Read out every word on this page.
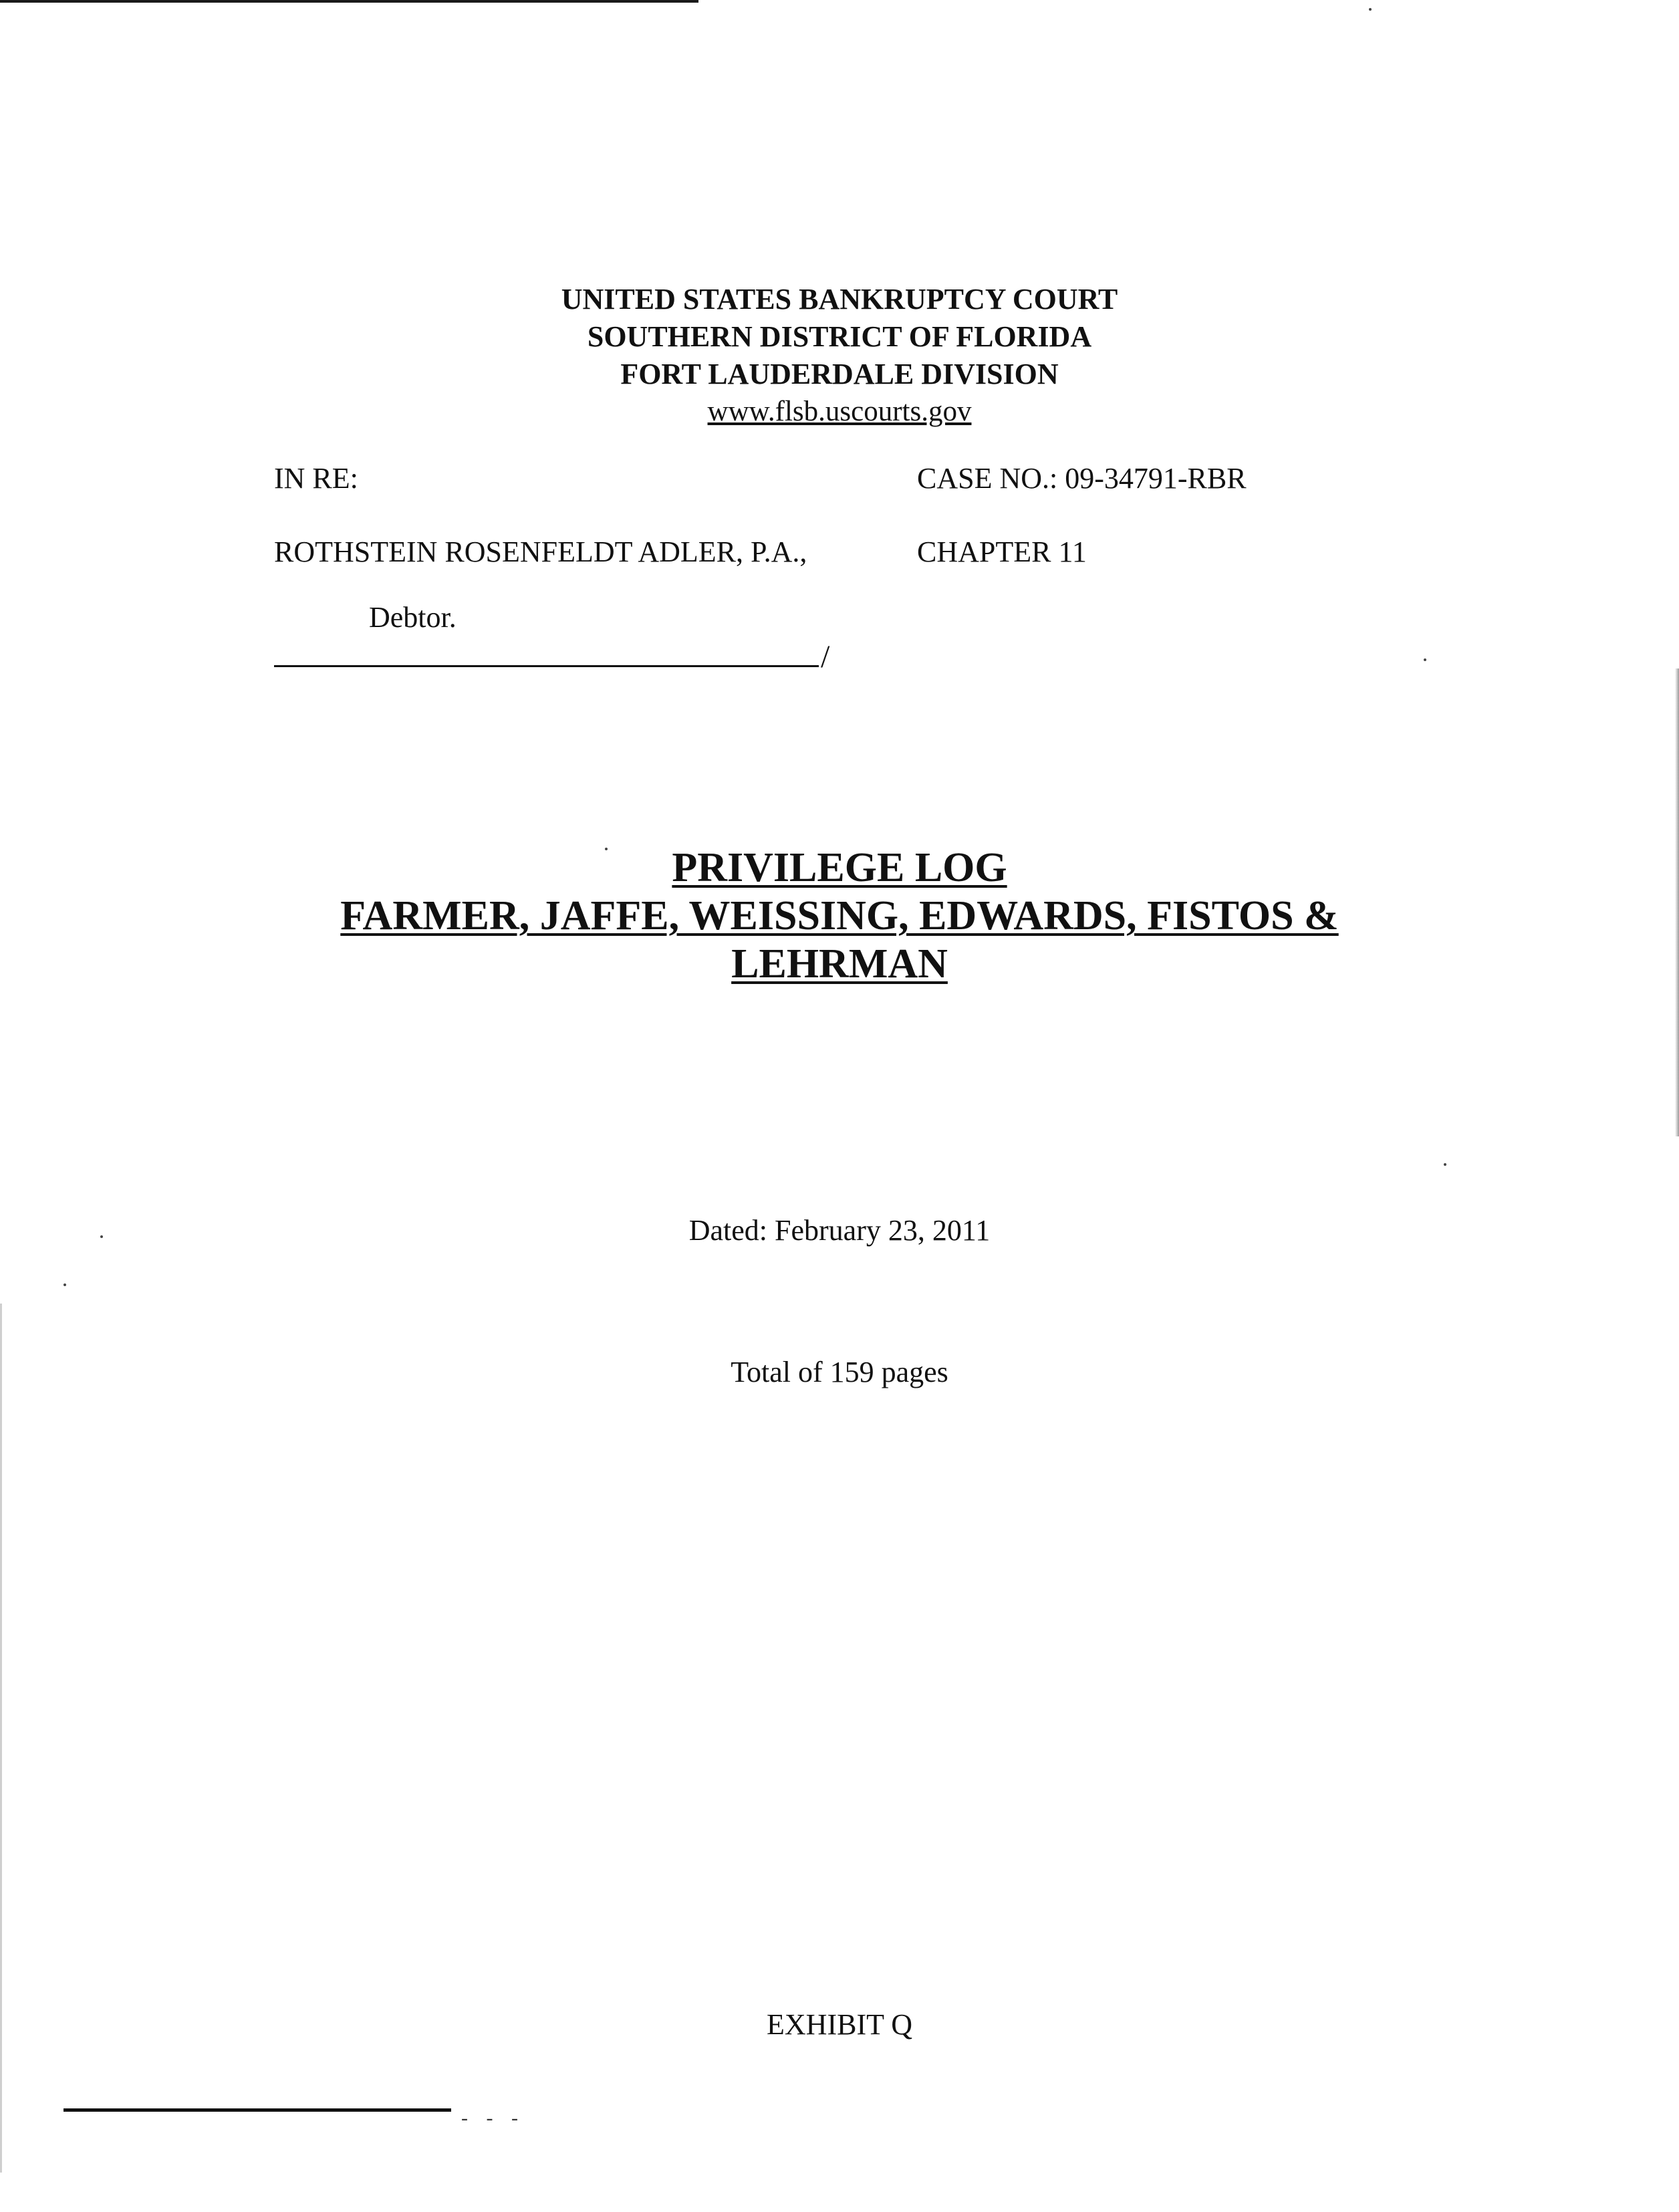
UNITED STATES BANKRUPTCY COURT
SOUTHERN DISTRICT OF FLORIDA
FORT LAUDERDALE DIVISION
www.flsb.uscourts.gov
IN RE:	CASE NO.: 09-34791-RBR
ROTHSTEIN ROSENFELDT ADLER, P.A.,	CHAPTER 11
Debtor.
/
PRIVILEGE LOG
FARMER, JAFFE, WEISSING, EDWARDS, FISTOS &
LEHRMAN
Dated: February 23, 2011
Total of 159 pages
EXHIBIT Q
- - -
